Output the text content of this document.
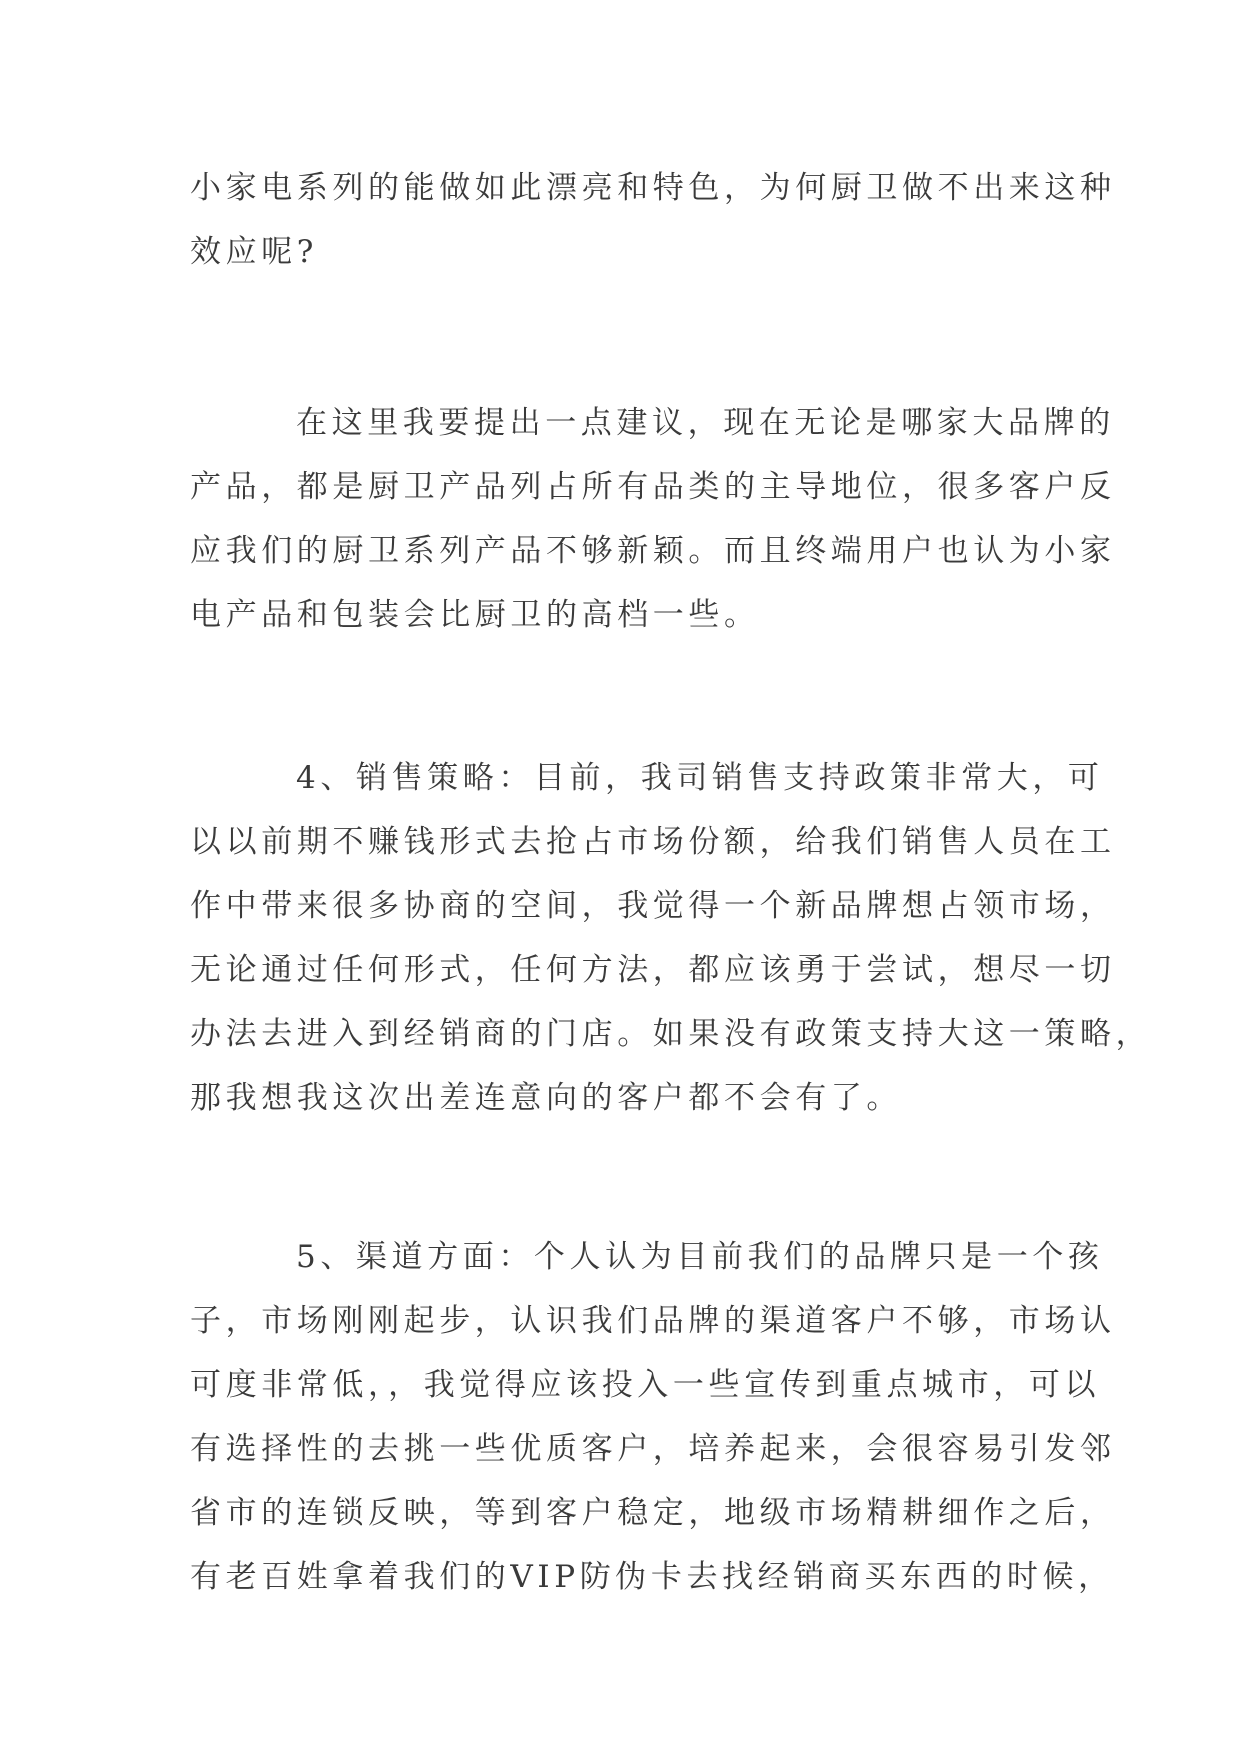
小家电系列的能做如此漂亮和特色，为何厨卫做不出来这种
效应呢?
在这里我要提出一点建议，现在无论是哪家大品牌的
产品，都是厨卫产品列占所有品类的主导地位，很多客户反
应我们的厨卫系列产品不够新颖。而且终端用户也认为小家
电产品和包装会比厨卫的高档一些。
4、销售策略：目前，我司销售支持政策非常大，可
以以前期不赚钱形式去抢占市场份额，给我们销售人员在工
作中带来很多协商的空间，我觉得一个新品牌想占领市场，
无论通过任何形式，任何方法，都应该勇于尝试，想尽一切
办法去进入到经销商的门店。如果没有政策支持大这一策略，
那我想我这次出差连意向的客户都不会有了。
5、渠道方面：个人认为目前我们的品牌只是一个孩
子，市场刚刚起步，认识我们品牌的渠道客户不够，市场认
可度非常低，，我觉得应该投入一些宣传到重点城市，可以
有选择性的去挑一些优质客户，培养起来，会很容易引发邻
省市的连锁反映，等到客户稳定，地级市场精耕细作之后，
有老百姓拿着我们的VIP防伪卡去找经销商买东西的时候，
